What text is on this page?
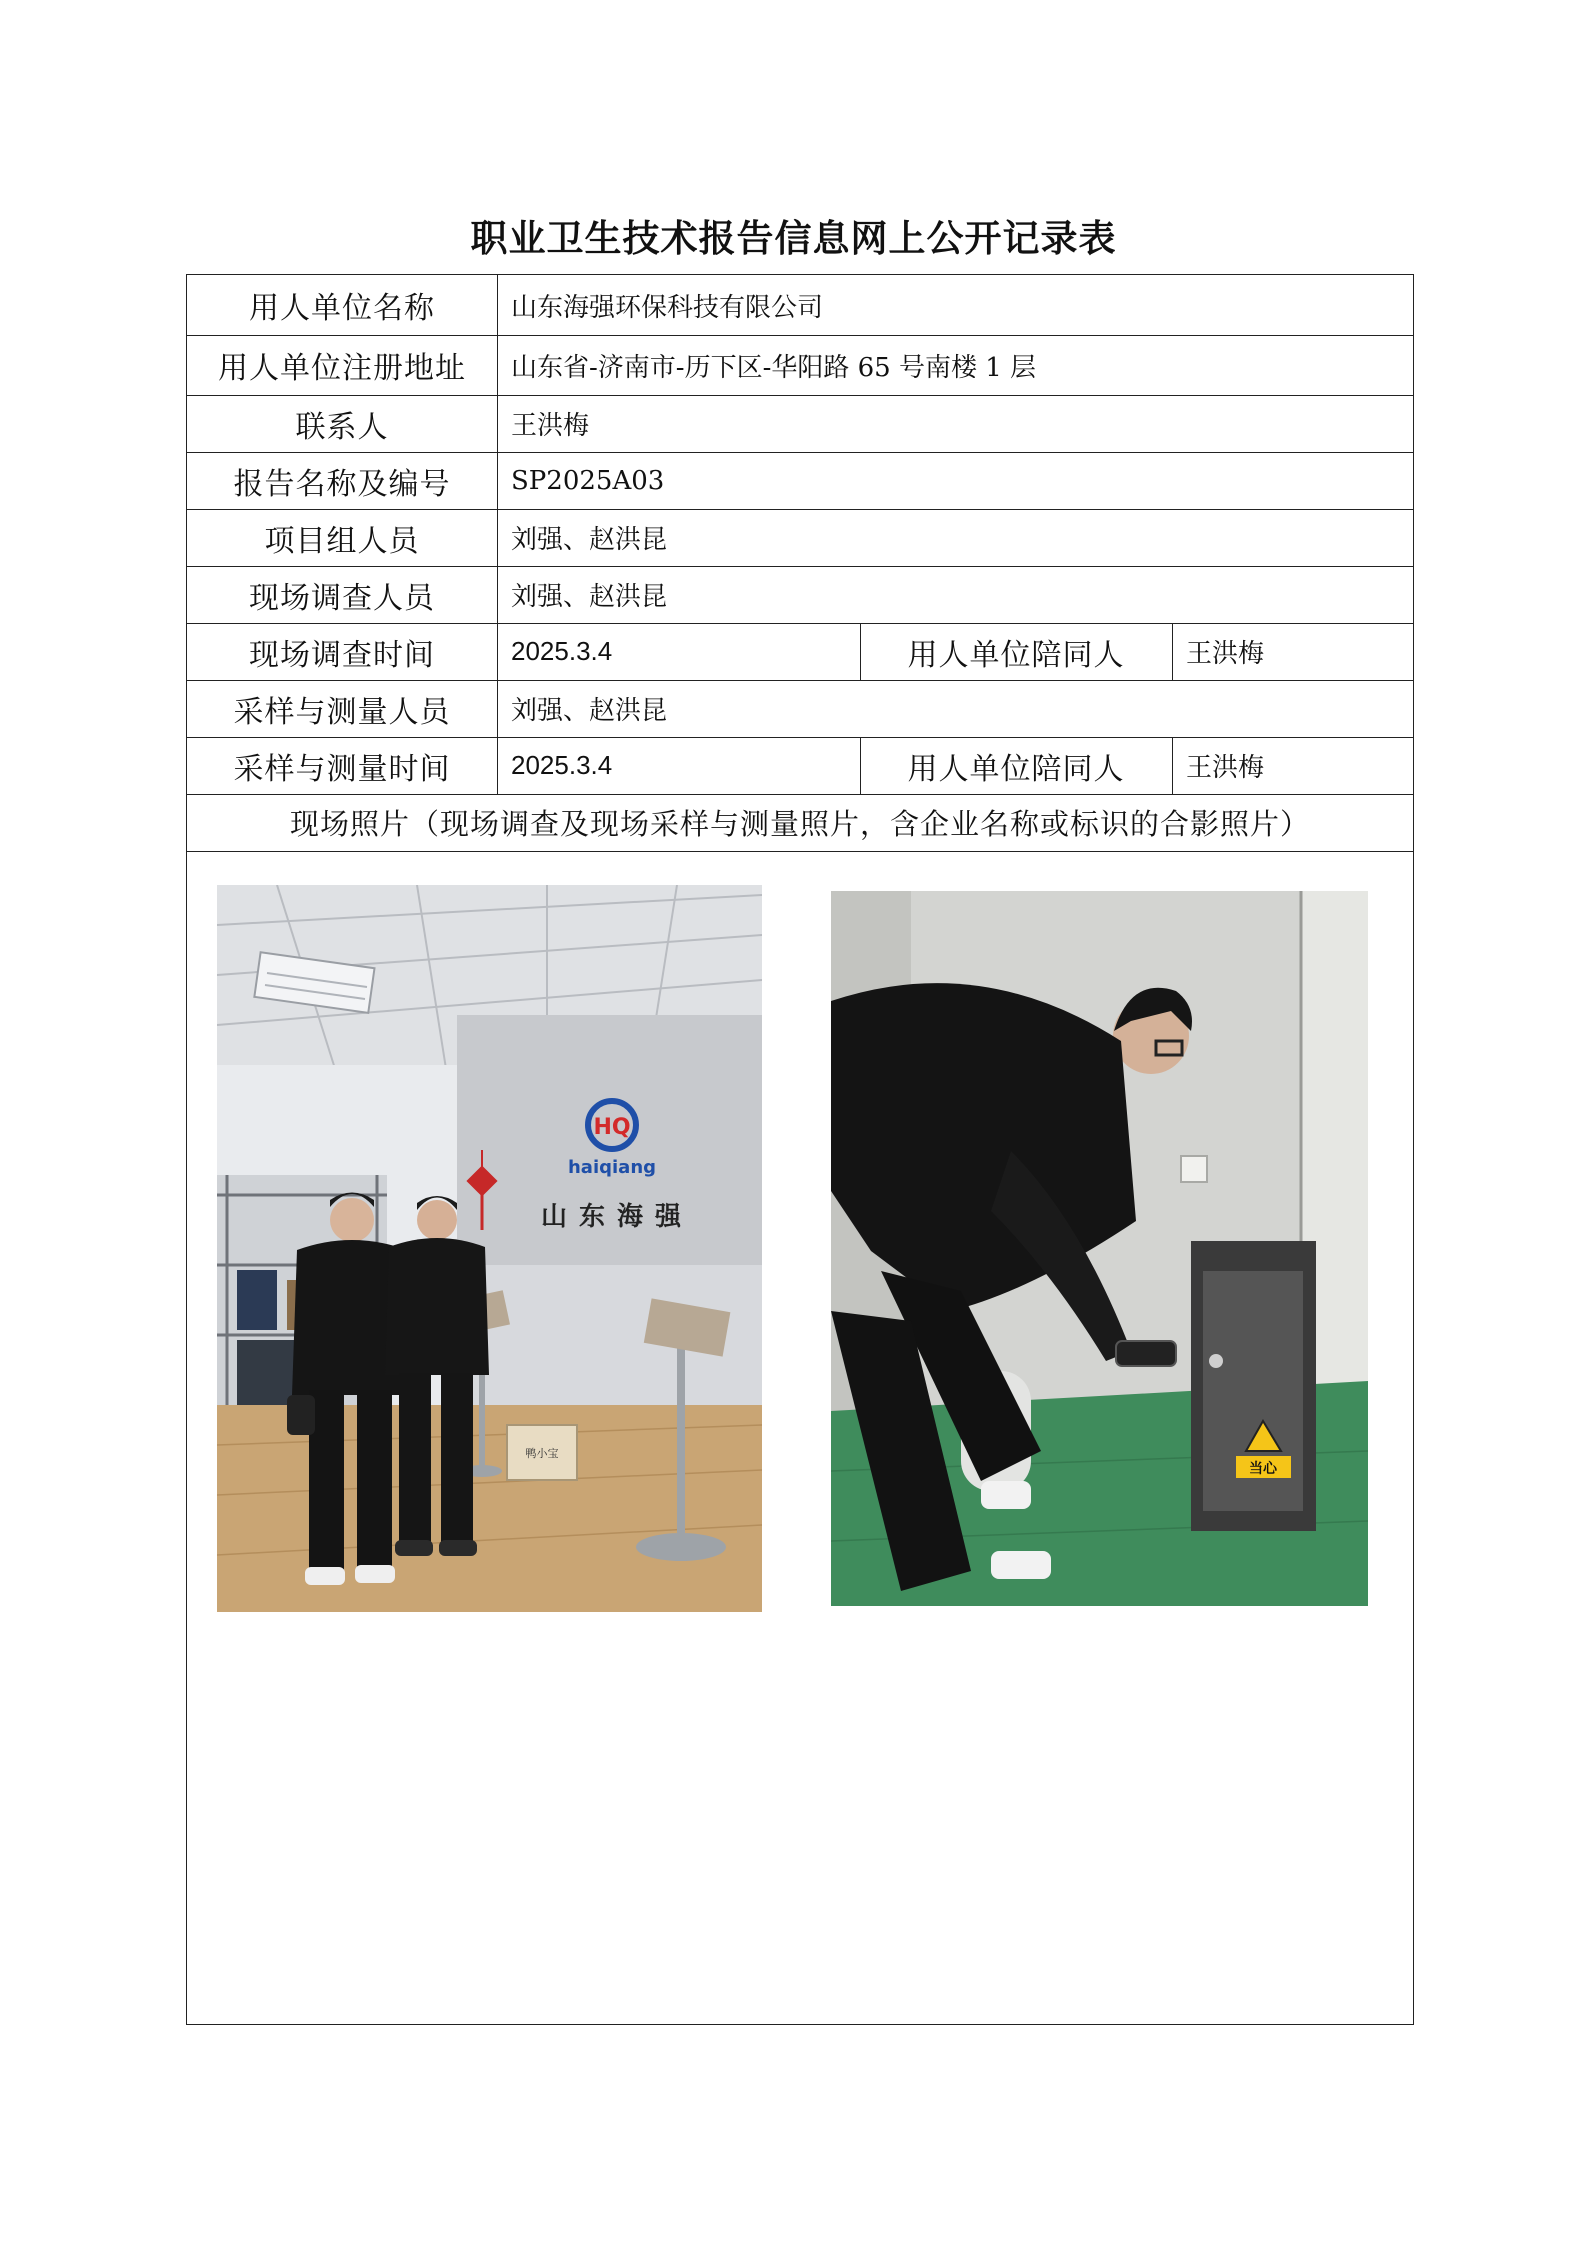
职业卫生技术报告信息网上公开记录表
用人单位名称	山东海强环保科技有限公司
用人单位注册地址	山东省-济南市-历下区-华阳路 65 号南楼 1 层
联系人	王洪梅
报告名称及编号	SP2025A03
项目组人员	刘强、赵洪昆
现场调查人员	刘强、赵洪昆
现场调查时间	2025.3.4	用人单位陪同人	王洪梅
采样与测量人员	刘强、赵洪昆
采样与测量时间	2025.3.4	用人单位陪同人	王洪梅
现场照片（现场调查及现场采样与测量照片，含企业名称或标识的合影照片）
HQ
haiqiang
山东海强
鸭小宝
当心
